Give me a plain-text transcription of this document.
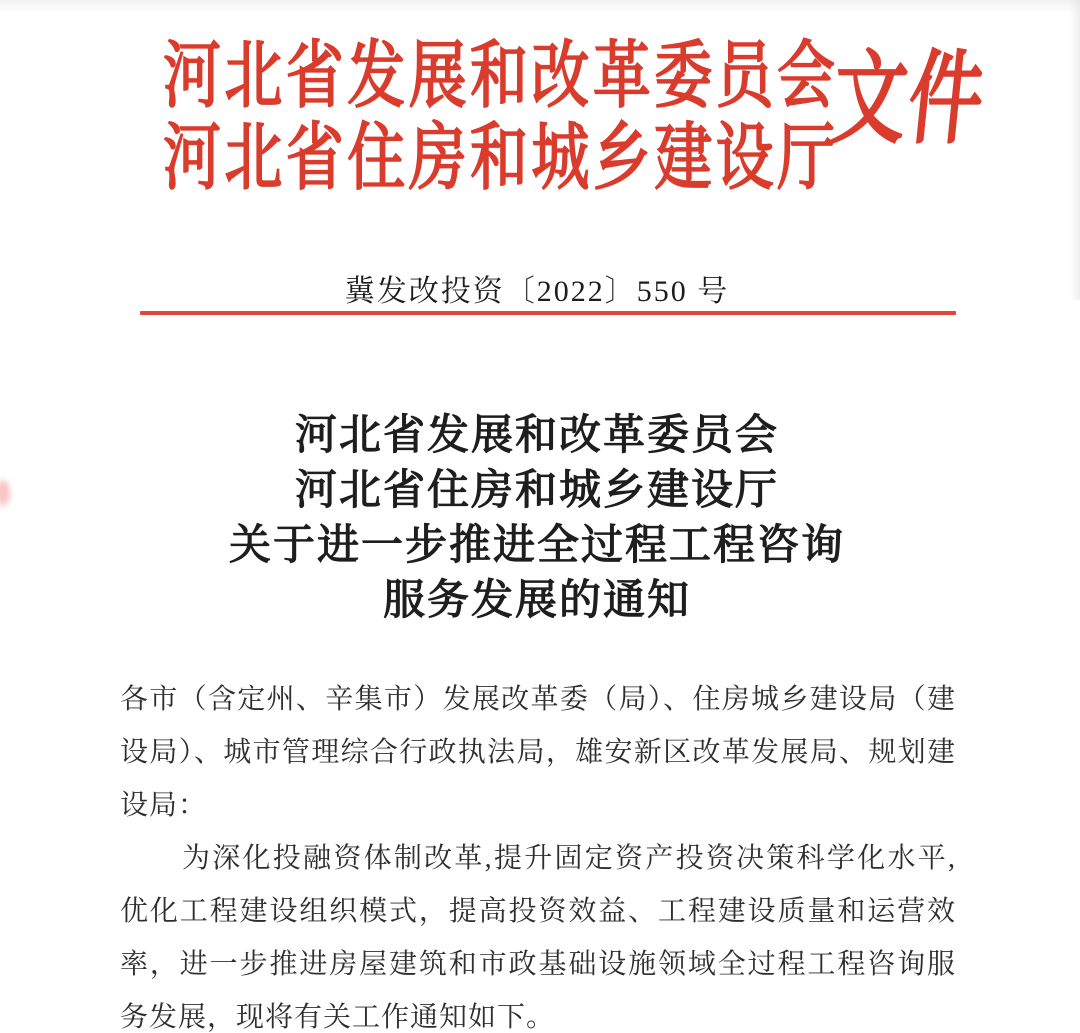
河北省发展和改革委员会
河北省住房和城乡建设厅
文件
冀发改投资〔2022〕550 号
河北省发展和改革委员会
河北省住房和城乡建设厅
关于进一步推进全过程工程咨询
服务发展的通知
各市（含定州、辛集市）发展改革委（局）、住房城乡建设局（建
设局）、城市管理综合行政执法局，雄安新区改革发展局、规划建
设局：
为深化投融资体制改革,提升固定资产投资决策科学化水平,
优化工程建设组织模式，提高投资效益、工程建设质量和运营效
率，进一步推进房屋建筑和市政基础设施领域全过程工程咨询服
务发展，现将有关工作通知如下。
